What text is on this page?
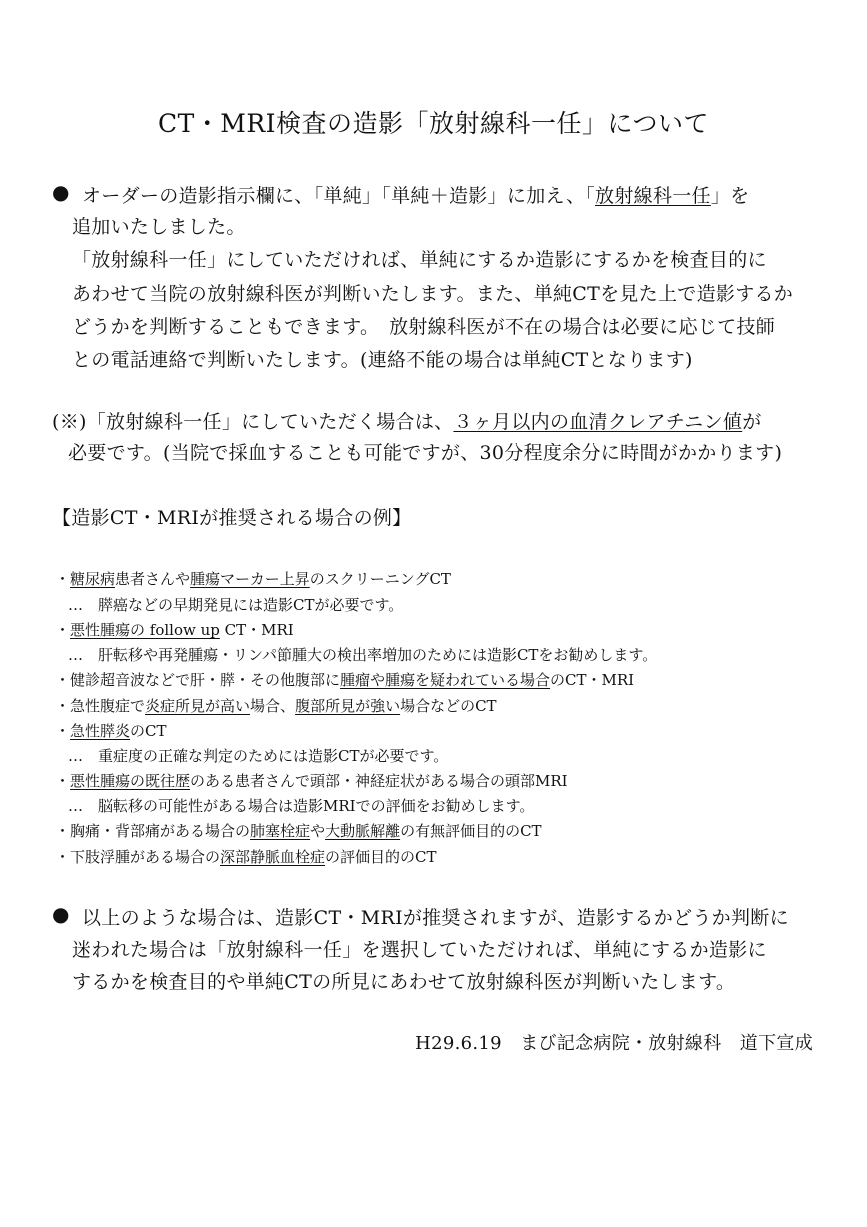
CT・MRI検査の造影「放射線科一任」について
● オーダーの造影指示欄に、「単純」「単純＋造影」に加え、「放射線科一任」を
追加いたしました。
「放射線科一任」にしていただければ、単純にするか造影にするかを検査目的に
あわせて当院の放射線科医が判断いたします。また、単純CTを見た上で造影するか
どうかを判断することもできます。　放射線科医が不在の場合は必要に応じて技師
との電話連絡で判断いたします。(連絡不能の場合は単純CTとなります)
(※)「放射線科一任」にしていただく場合は、３ヶ月以内の血清クレアチニン値が
必要です。(当院で採血することも可能ですが、30分程度余分に時間がかかります)
【造影CT・MRIが推奨される場合の例】
・糖尿病患者さんや腫瘍マーカー上昇のスクリーニングCT
…　膵癌などの早期発見には造影CTが必要です。
・悪性腫瘍の follow up CT・MRI
…　肝転移や再発腫瘍・リンパ節腫大の検出率増加のためには造影CTをお勧めします。
・健診超音波などで肝・膵・その他腹部に腫瘤や腫瘍を疑われている場合のCT・MRI
・急性腹症で炎症所見が高い場合、腹部所見が強い場合などのCT
・急性膵炎のCT
…　重症度の正確な判定のためには造影CTが必要です。
・悪性腫瘍の既往歴のある患者さんで頭部・神経症状がある場合の頭部MRI
…　脳転移の可能性がある場合は造影MRIでの評価をお勧めします。
・胸痛・背部痛がある場合の肺塞栓症や大動脈解離の有無評価目的のCT
・下肢浮腫がある場合の深部静脈血栓症の評価目的のCT
● 以上のような場合は、造影CT・MRIが推奨されますが、造影するかどうか判断に
迷われた場合は「放射線科一任」を選択していただければ、単純にするか造影に
するかを検査目的や単純CTの所見にあわせて放射線科医が判断いたします。
H29.6.19　まび記念病院・放射線科　道下宣成
